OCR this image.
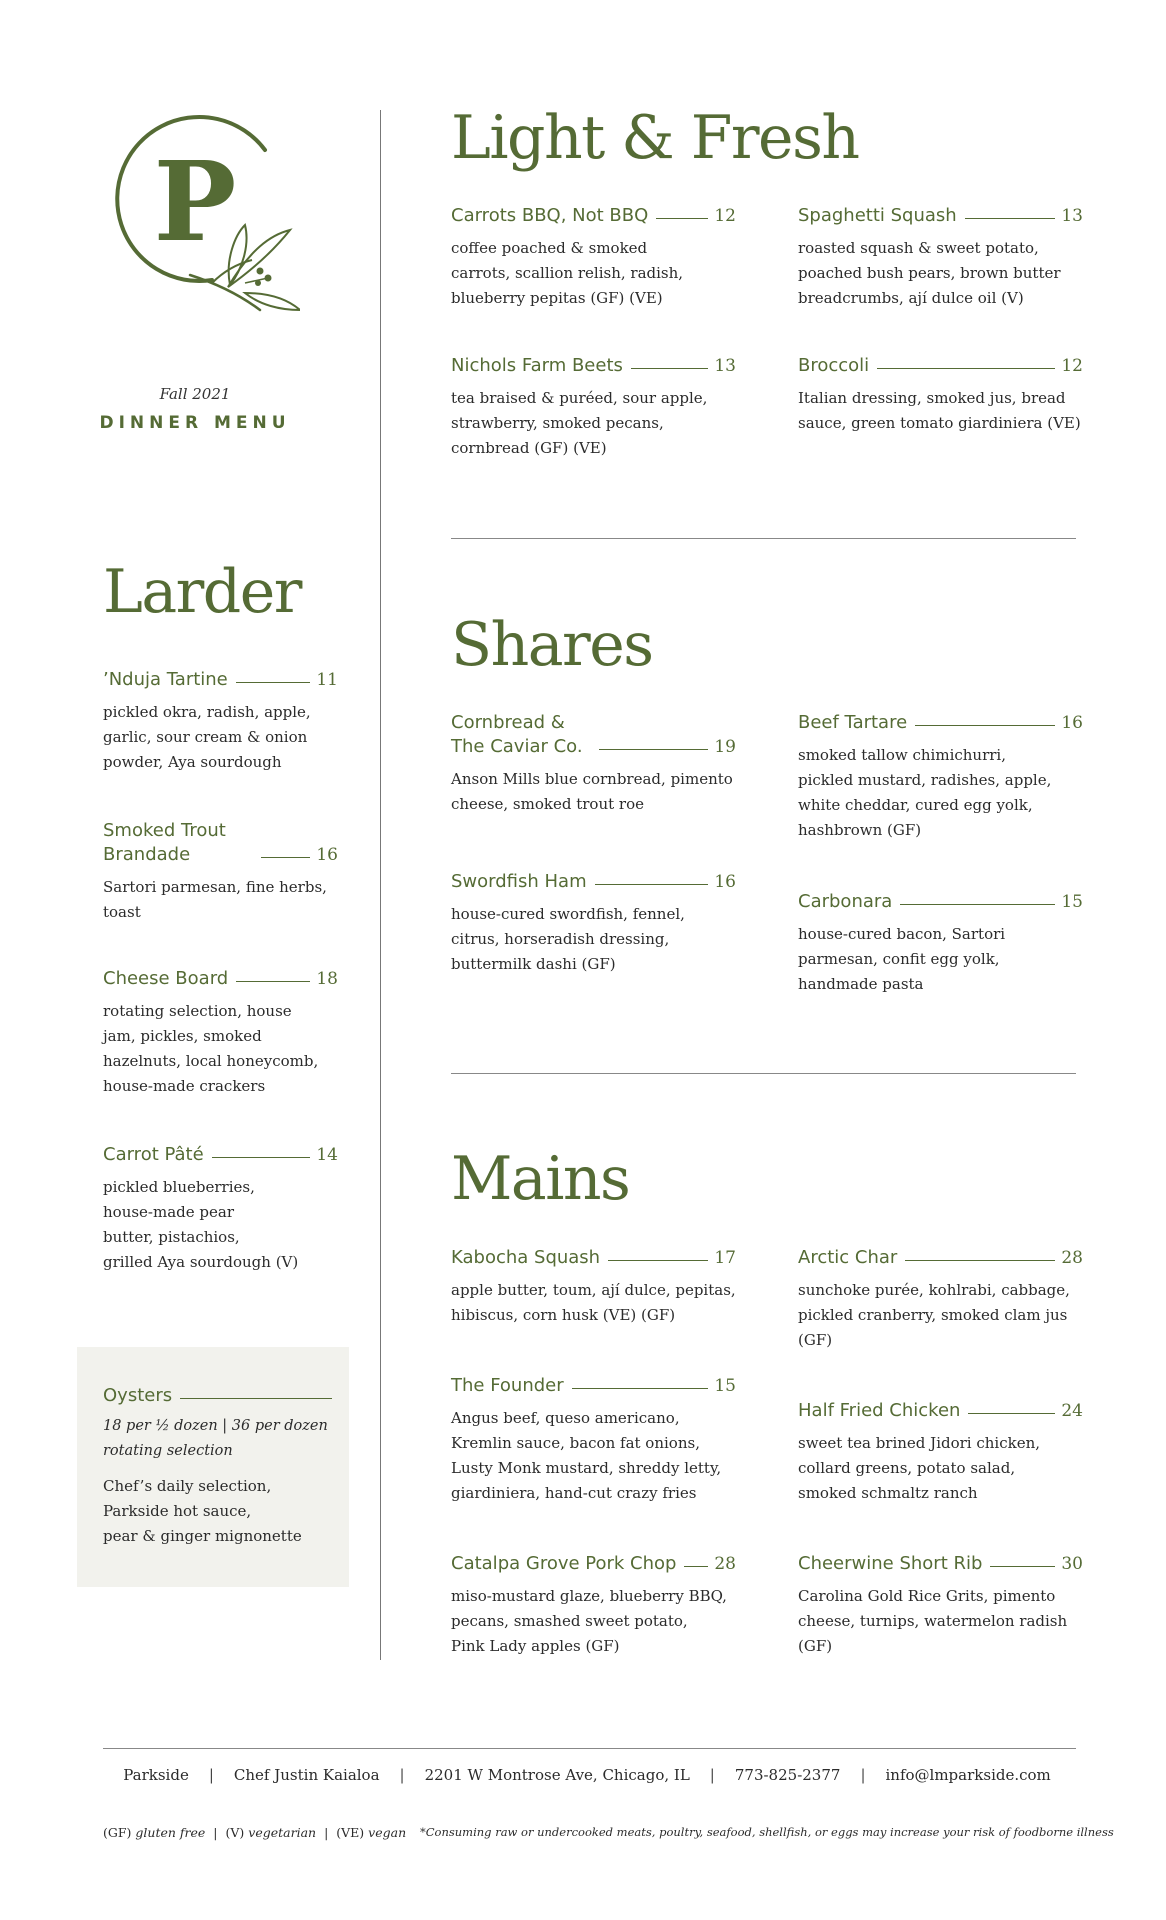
P
Fall 2021
DINNER MENU
Light & Fresh
Carrots BBQ, Not BBQ	12
coffee poached & smoked
carrots, scallion relish, radish,
blueberry pepitas (GF) (VE)
Spaghetti Squash	13
roasted squash & sweet potato,
poached bush pears, brown butter
breadcrumbs, ají dulce oil (V)
Nichols Farm Beets	13
tea braised & puréed, sour apple,
strawberry, smoked pecans,
cornbread (GF) (VE)
Broccoli	12
Italian dressing, smoked jus, bread
sauce, green tomato giardiniera (VE)
Larder
’Nduja Tartine	11
pickled okra, radish, apple,
garlic, sour cream & onion
powder, Aya sourdough
Smoked Trout Brandade	16
Sartori parmesan, fine herbs,
toast
Cheese Board	18
rotating selection, house
jam, pickles, smoked
hazelnuts, local honeycomb,
house-made crackers
Carrot Pâté	14
pickled blueberries,
house-made pear
butter, pistachios,
grilled Aya sourdough (V)
Oysters
18 per ½ dozen | 36 per dozen
rotating selection
Chef’s daily selection,
Parkside hot sauce,
pear & ginger mignonette
Shares
Cornbread & The Caviar Co.	19
Anson Mills blue cornbread, pimento
cheese, smoked trout roe
Beef Tartare	16
smoked tallow chimichurri,
pickled mustard, radishes, apple,
white cheddar, cured egg yolk,
hashbrown (GF)
Swordfish Ham	16
house-cured swordfish, fennel,
citrus, horseradish dressing,
buttermilk dashi (GF)
Carbonara	15
house-cured bacon, Sartori
parmesan, confit egg yolk,
handmade pasta
Mains
Kabocha Squash	17
apple butter, toum, ají dulce, pepitas,
hibiscus, corn husk (VE) (GF)
Arctic Char	28
sunchoke purée, kohlrabi, cabbage,
pickled cranberry, smoked clam jus
(GF)
The Founder	15
Angus beef, queso americano,
Kremlin sauce, bacon fat onions,
Lusty Monk mustard, shreddy letty,
giardiniera, hand-cut crazy fries
Half Fried Chicken	24
sweet tea brined Jidori chicken,
collard greens, potato salad,
smoked schmaltz ranch
Catalpa Grove Pork Chop 28
miso-mustard glaze, blueberry BBQ,
pecans, smashed sweet potato,
Pink Lady apples (GF)
Cheerwine Short Rib	30
Carolina Gold Rice Grits, pimento
cheese, turnips, watermelon radish
(GF)
Parkside | Chef Justin Kaialoa | 2201 W Montrose Ave, Chicago, IL | 773-825-2377 | info@lmparkside.com
(GF) gluten free | (V) vegetarian | (VE) vegan *Consuming raw or undercooked meats, poultry, seafood, shellfish, or eggs may increase your risk of foodborne illness
